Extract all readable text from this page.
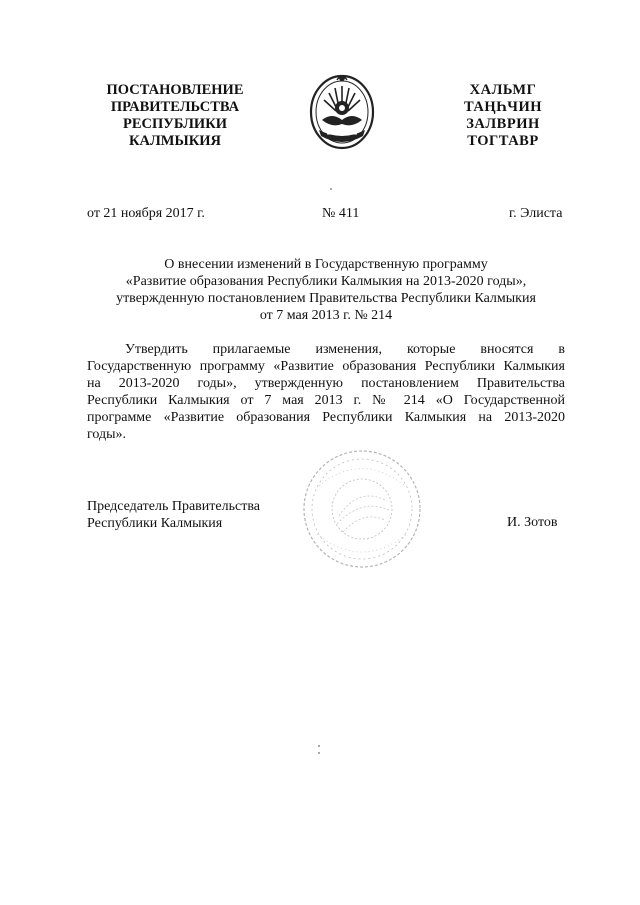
ПОСТАНОВЛЕНИЕ
ПРАВИТЕЛЬСТВА
РЕСПУБЛИКИ
КАЛМЫКИЯ
ХАЛЬМГ
ТАҢҺЧИН
ЗАЛВРИН
ТОГТАВР
от 21 ноября 2017 г.	№ 411	г. Элиста
О внесении изменений в Государственную программу
«Развитие образования Республики Калмыкия на 2013-2020 годы»,
утвержденную постановлением Правительства Республики Калмыкия
от 7 мая 2013 г. № 214
Утвердить прилагаемые изменения, которые вносятся в
Государственную программу «Развитие образования Республики Калмыкия
на 2013-2020 годы», утвержденную постановлением Правительства
Республики Калмыкия от 7 мая 2013 г. № 214 «О Государственной
программе «Развитие образования Республики Калмыкия на 2013-2020
годы».
Председатель Правительства
Республики Калмыкия	И. Зотов
